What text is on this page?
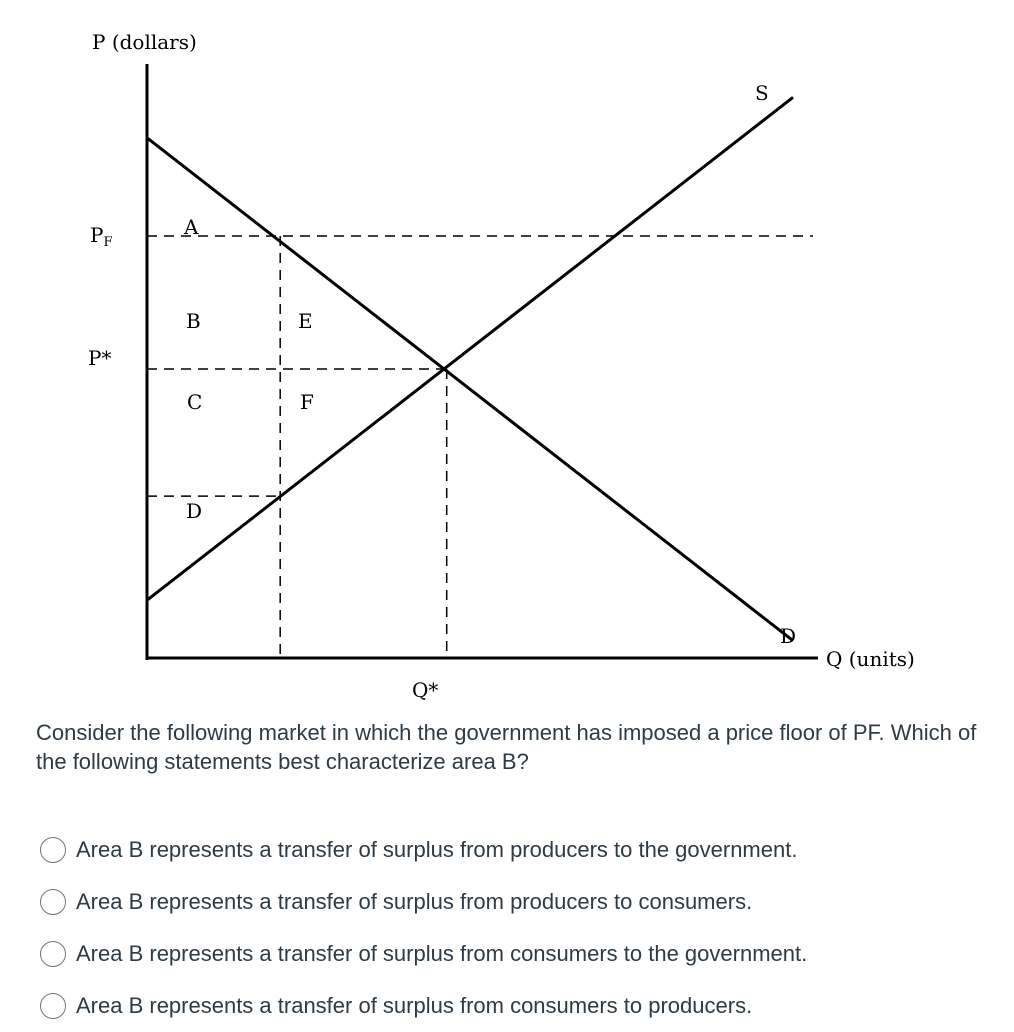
P (dollars)
Q (units)
$P_F$
P*
Q*
S
D
A
B
C
D
E
F
Consider the following market in which the government has imposed a price floor of PF. Which of the following statements best characterize area B?
Area B represents a transfer of surplus from producers to the government.
Area B represents a transfer of surplus from producers to consumers.
Area B represents a transfer of surplus from consumers to the government.
Area B represents a transfer of surplus from consumers to producers.
